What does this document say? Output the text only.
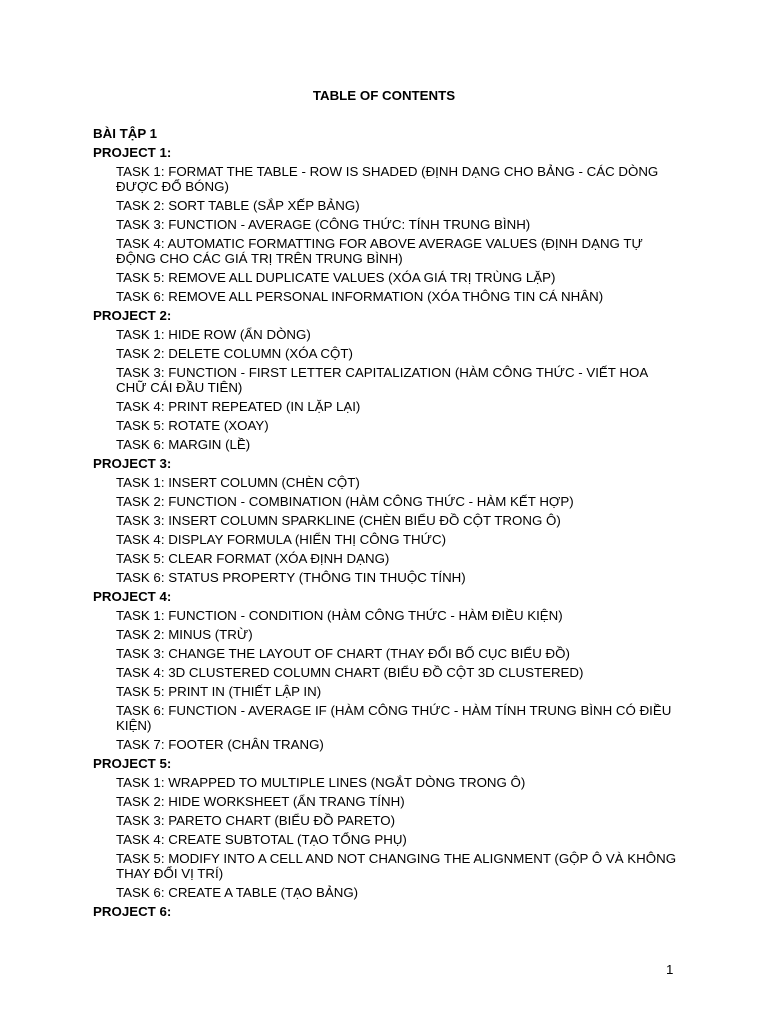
TABLE OF CONTENTS
BÀI TẬP 1
PROJECT 1:
TASK 1: FORMAT THE TABLE - ROW IS SHADED (ĐỊNH DẠNG CHO BẢNG - CÁC DÒNG ĐƯỢC ĐỔ BÓNG)
TASK 2: SORT TABLE (SẮP XẾP BẢNG)
TASK 3: FUNCTION - AVERAGE (CÔNG THỨC: TÍNH TRUNG BÌNH)
TASK 4: AUTOMATIC FORMATTING FOR ABOVE AVERAGE VALUES (ĐỊNH DẠNG TỰ ĐỘNG CHO CÁC GIÁ TRỊ TRÊN TRUNG BÌNH)
TASK 5: REMOVE ALL DUPLICATE VALUES (XÓA GIÁ TRỊ TRÙNG LẶP)
TASK 6: REMOVE ALL PERSONAL INFORMATION (XÓA THÔNG TIN CÁ NHÂN)
PROJECT 2:
TASK 1: HIDE ROW (ẨN DÒNG)
TASK 2: DELETE COLUMN (XÓA CỘT)
TASK 3: FUNCTION - FIRST LETTER CAPITALIZATION (HÀM CÔNG THỨC - VIẾT HOA CHỮ CÁI ĐẦU TIÊN)
TASK 4: PRINT REPEATED (IN LẶP LẠI)
TASK 5: ROTATE (XOAY)
TASK 6: MARGIN (LỀ)
PROJECT 3:
TASK 1: INSERT COLUMN (CHÈN CỘT)
TASK 2: FUNCTION - COMBINATION (HÀM CÔNG THỨC - HÀM KẾT HỢP)
TASK 3: INSERT COLUMN SPARKLINE (CHÈN BIỂU ĐỒ CỘT TRONG Ô)
TASK 4: DISPLAY FORMULA (HIỂN THỊ CÔNG THỨC)
TASK 5: CLEAR FORMAT (XÓA ĐỊNH DẠNG)
TASK 6: STATUS PROPERTY (THÔNG TIN THUỘC TÍNH)
PROJECT 4:
TASK 1: FUNCTION - CONDITION (HÀM CÔNG THỨC - HÀM ĐIỀU KIỆN)
TASK 2: MINUS (TRỪ)
TASK 3: CHANGE THE LAYOUT OF CHART (THAY ĐỔI BỐ CỤC BIỂU ĐỒ)
TASK 4: 3D CLUSTERED COLUMN CHART (BIỂU ĐỒ CỘT 3D CLUSTERED)
TASK 5: PRINT IN (THIẾT LẬP IN)
TASK 6: FUNCTION - AVERAGE IF (HÀM CÔNG THỨC - HÀM TÍNH TRUNG BÌNH CÓ ĐIỀU KIỆN)
TASK 7: FOOTER (CHÂN TRANG)
PROJECT 5:
TASK 1: WRAPPED TO MULTIPLE LINES (NGẮT DÒNG TRONG Ô)
TASK 2: HIDE WORKSHEET (ẨN TRANG TÍNH)
TASK 3: PARETO CHART (BIỂU ĐỒ PARETO)
TASK 4: CREATE SUBTOTAL (TẠO TỔNG PHỤ)
TASK 5: MODIFY INTO A CELL AND NOT CHANGING THE ALIGNMENT (GỘP Ô VÀ KHÔNG THAY ĐỔI VỊ TRÍ)
TASK 6: CREATE A TABLE (TẠO BẢNG)
PROJECT 6:
1
